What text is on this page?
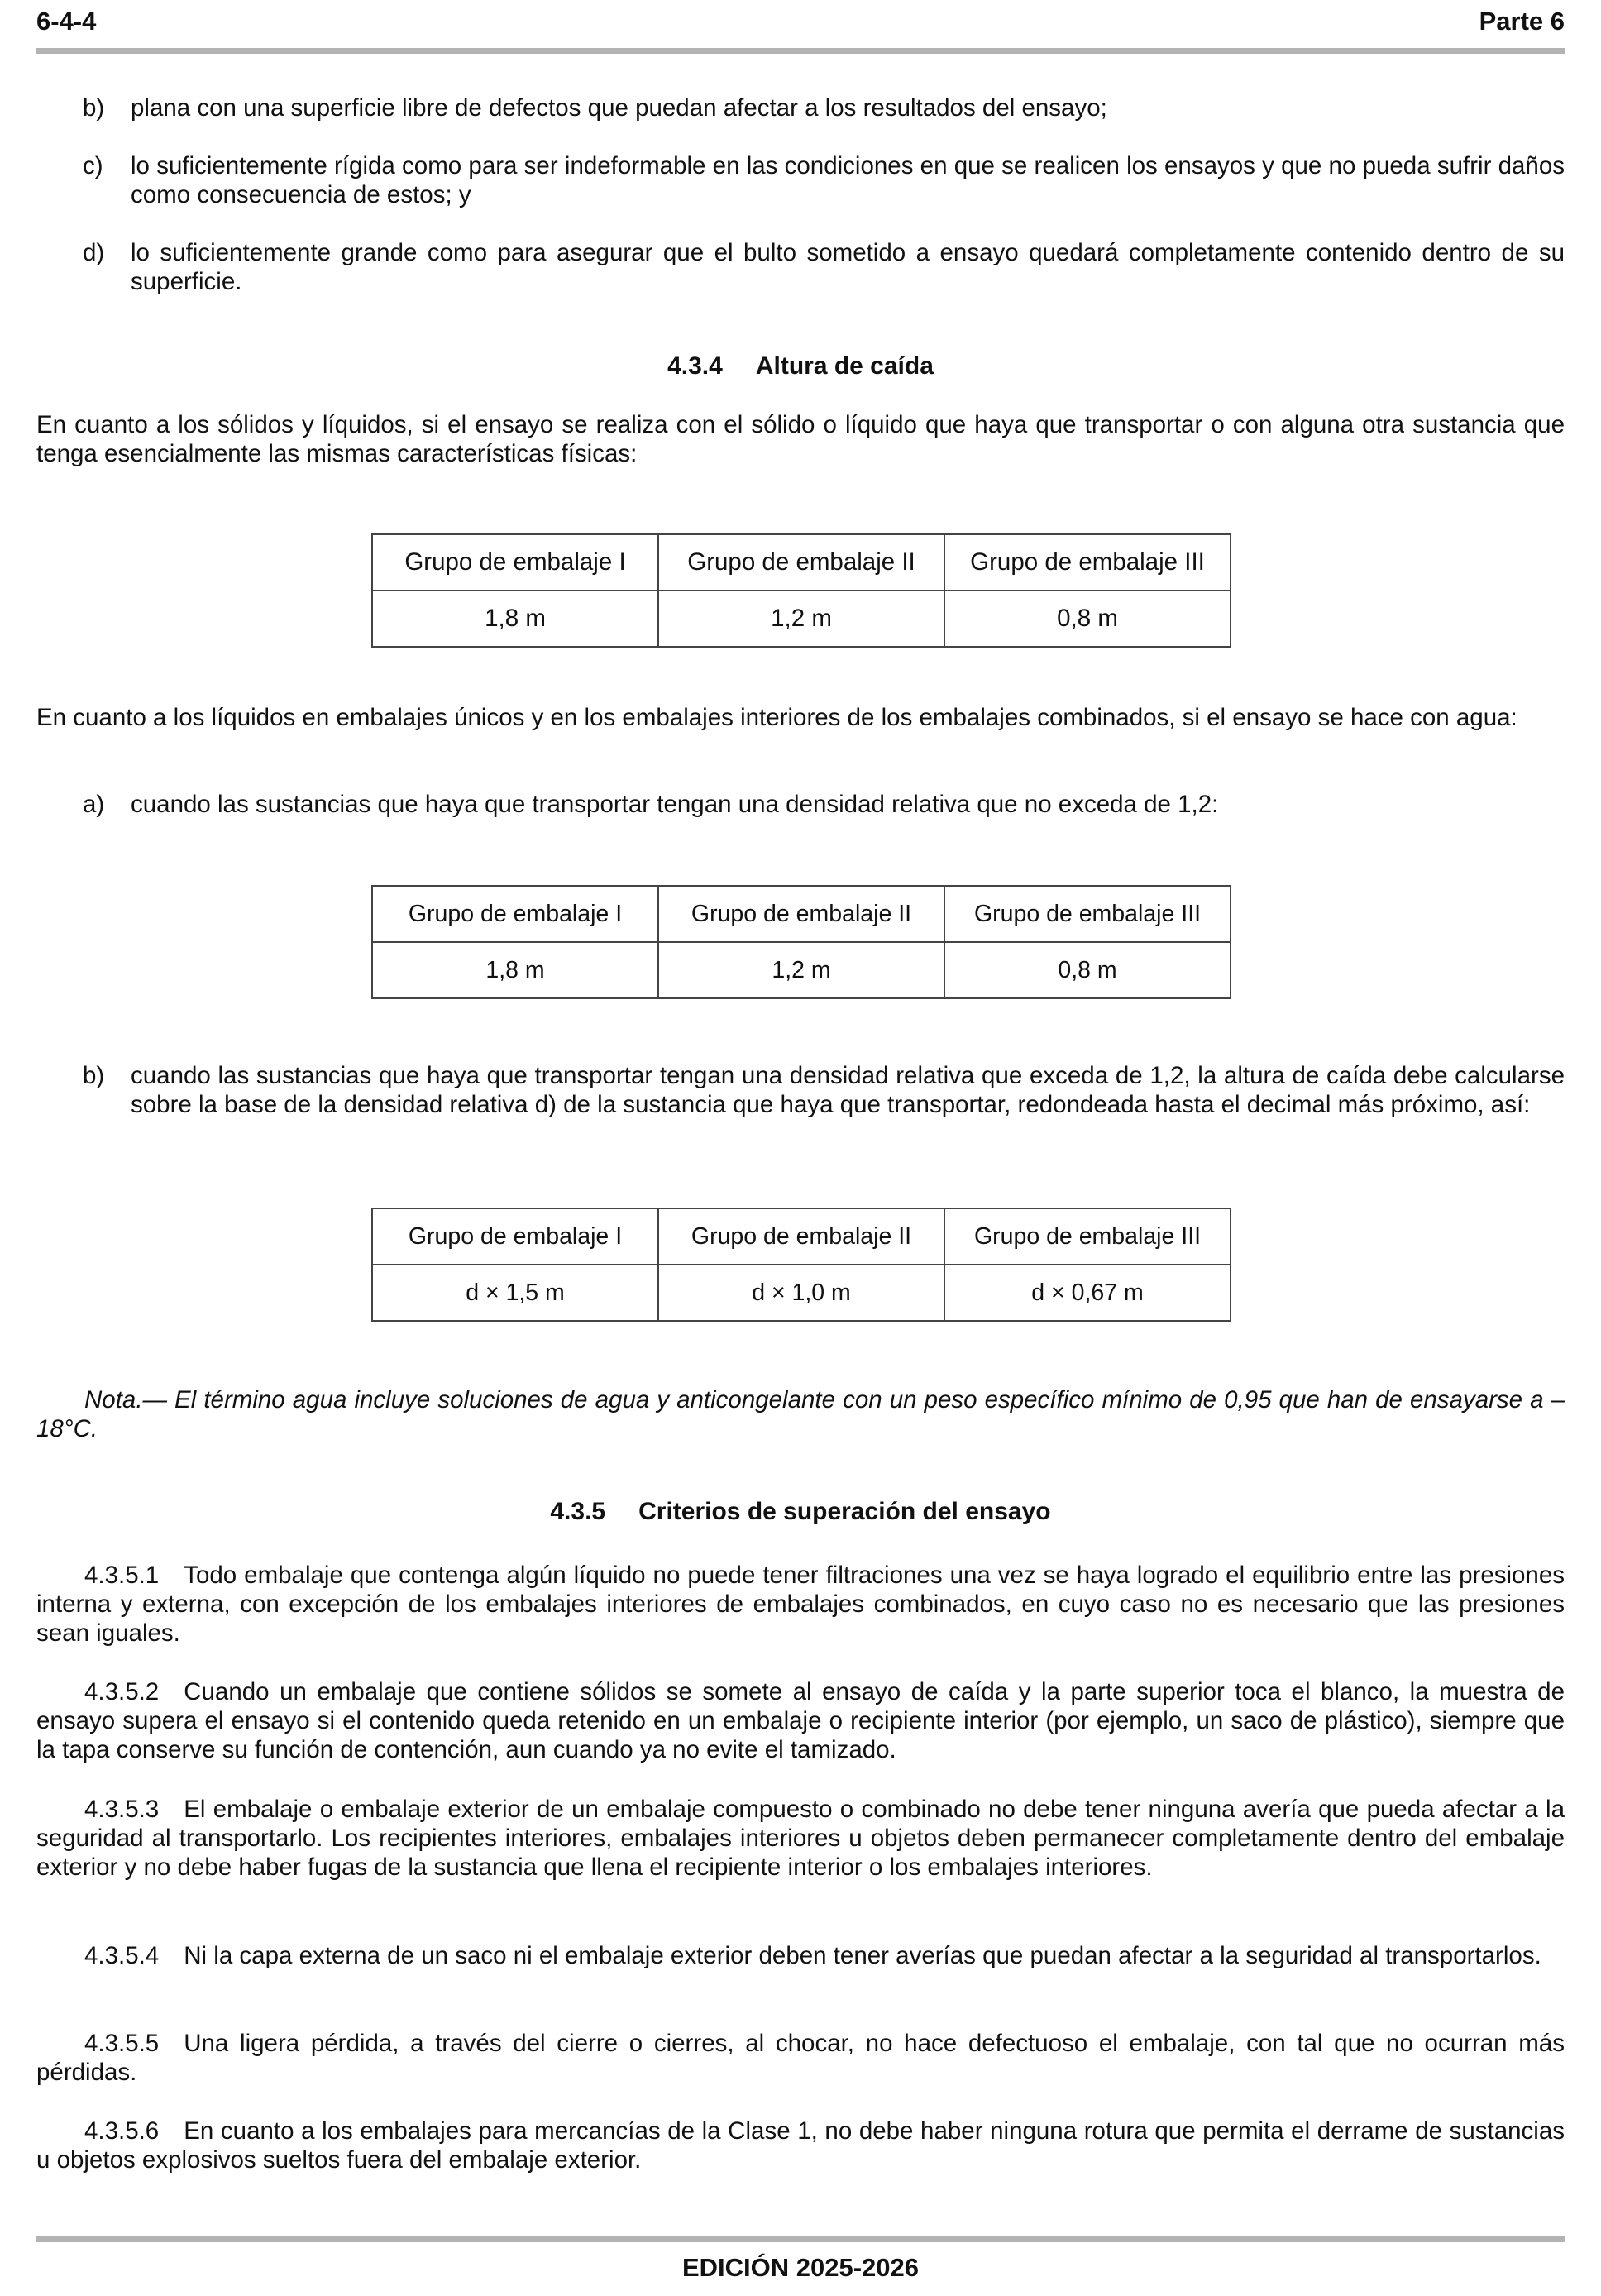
6-4-4	Parte 6
b)	plana con una superficie libre de defectos que puedan afectar a los resultados del ensayo;
c)	lo suficientemente rígida como para ser indeformable en las condiciones en que se realicen los ensayos y que no pueda sufrir daños como consecuencia de estos; y
d)	lo suficientemente grande como para asegurar que el bulto sometido a ensayo quedará completamente contenido dentro de su superficie.
4.3.4 Altura de caída
En cuanto a los sólidos y líquidos, si el ensayo se realiza con el sólido o líquido que haya que transportar o con alguna otra sustancia que tenga esencialmente las mismas características físicas:
Grupo de embalaje I	Grupo de embalaje II	Grupo de embalaje III
1,8 m	1,2 m	0,8 m
En cuanto a los líquidos en embalajes únicos y en los embalajes interiores de los embalajes combinados, si el ensayo se hace con agua:
a)	cuando las sustancias que haya que transportar tengan una densidad relativa que no exceda de 1,2:
Grupo de embalaje I	Grupo de embalaje II	Grupo de embalaje III
1,8 m	1,2 m	0,8 m
b)	cuando las sustancias que haya que transportar tengan una densidad relativa que exceda de 1,2, la altura de caída debe calcularse sobre la base de la densidad relativa d) de la sustancia que haya que transportar, redondeada hasta el decimal más próximo, así:
Grupo de embalaje I	Grupo de embalaje II	Grupo de embalaje III
d × 1,5 m	d × 1,0 m	d × 0,67 m
Nota.— El término agua incluye soluciones de agua y anticongelante con un peso específico mínimo de 0,95 que han de ensayarse a –18°C.
4.3.5 Criterios de superación del ensayo
4.3.5.1 Todo embalaje que contenga algún líquido no puede tener filtraciones una vez se haya logrado el equilibrio entre las presiones interna y externa, con excepción de los embalajes interiores de embalajes combinados, en cuyo caso no es necesario que las presiones sean iguales.
4.3.5.2 Cuando un embalaje que contiene sólidos se somete al ensayo de caída y la parte superior toca el blanco, la muestra de ensayo supera el ensayo si el contenido queda retenido en un embalaje o recipiente interior (por ejemplo, un saco de plástico), siempre que la tapa conserve su función de contención, aun cuando ya no evite el tamizado.
4.3.5.3 El embalaje o embalaje exterior de un embalaje compuesto o combinado no debe tener ninguna avería que pueda afectar a la seguridad al transportarlo. Los recipientes interiores, embalajes interiores u objetos deben permanecer completamente dentro del embalaje exterior y no debe haber fugas de la sustancia que llena el recipiente interior o los embalajes interiores.
4.3.5.4 Ni la capa externa de un saco ni el embalaje exterior deben tener averías que puedan afectar a la seguridad al transportarlos.
4.3.5.5 Una ligera pérdida, a través del cierre o cierres, al chocar, no hace defectuoso el embalaje, con tal que no ocurran más pérdidas.
4.3.5.6 En cuanto a los embalajes para mercancías de la Clase 1, no debe haber ninguna rotura que permita el derrame de sustancias u objetos explosivos sueltos fuera del embalaje exterior.
EDICIÓN 2025-2026
